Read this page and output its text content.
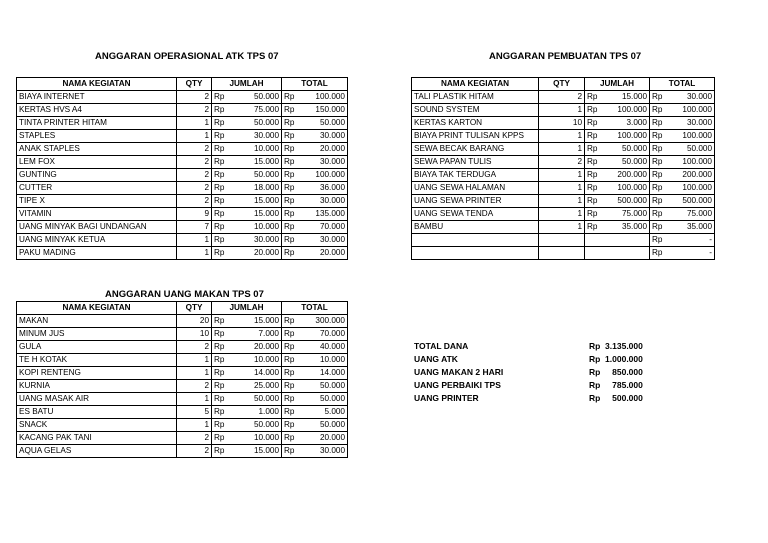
ANGGARAN OPERASIONAL ATK TPS 07
NAMA KEGIATAN	QTY	JUMLAH		TOTAL	
BIAYA INTERNET	2	Rp	50.000	Rp	100.000
KERTAS HVS A4	2	Rp	75.000	Rp	150.000
TINTA PRINTER HITAM	1	Rp	50.000	Rp	50.000
STAPLES	1	Rp	30.000	Rp	30.000
ANAK STAPLES	2	Rp	10.000	Rp	20.000
LEM FOX	2	Rp	15.000	Rp	30.000
GUNTING	2	Rp	50.000	Rp	100.000
CUTTER	2	Rp	18.000	Rp	36.000
TIPE X	2	Rp	15.000	Rp	30.000
VITAMIN	9	Rp	15.000	Rp	135.000
UANG MINYAK BAGI UNDANGAN	7	Rp	10.000	Rp	70.000
UANG MINYAK KETUA	1	Rp	30.000	Rp	30.000
PAKU MADING	1	Rp	20.000	Rp	20.000
ANGGARAN PEMBUATAN TPS 07
NAMA KEGIATAN	QTY	JUMLAH		TOTAL	
TALI PLASTIK HITAM	2	Rp	15.000	Rp	30.000
SOUND SYSTEM	1	Rp	100.000	Rp	100.000
KERTAS KARTON	10	Rp	3.000	Rp	30.000
BIAYA PRINT TULISAN KPPS	1	Rp	100.000	Rp	100.000
SEWA BECAK BARANG	1	Rp	50.000	Rp	50.000
SEWA PAPAN TULIS	2	Rp	50.000	Rp	100.000
BIAYA TAK TERDUGA	1	Rp	200.000	Rp	200.000
UANG SEWA HALAMAN	1	Rp	100.000	Rp	100.000
UANG SEWA PRINTER	1	Rp	500.000	Rp	500.000
UANG SEWA TENDA	1	Rp	75.000	Rp	75.000
BAMBU	1	Rp	35.000	Rp	35.000
				Rp	-
				Rp	-
ANGGARAN UANG MAKAN TPS 07
NAMA KEGIATAN	QTY	JUMLAH		TOTAL	
MAKAN	20	Rp	15.000	Rp	300.000
MINUM JUS	10	Rp	7.000	Rp	70.000
GULA	2	Rp	20.000	Rp	40.000
TE H KOTAK	1	Rp	10.000	Rp	10.000
KOPI RENTENG	1	Rp	14.000	Rp	14.000
KURNIA	2	Rp	25.000	Rp	50.000
UANG MASAK AIR	1	Rp	50.000	Rp	50.000
ES BATU	5	Rp	1.000	Rp	5.000
SNACK	1	Rp	50.000	Rp	50.000
KACANG PAK TANI	2	Rp	10.000	Rp	20.000
AQUA GELAS	2	Rp	15.000	Rp	30.000
TOTAL DANA	Rp  3.135.000
UANG ATK	Rp  1.000.000
UANG MAKAN 2 HARI	Rp     850.000
UANG PERBAIKI TPS	Rp     785.000
UANG PRINTER	Rp     500.000
